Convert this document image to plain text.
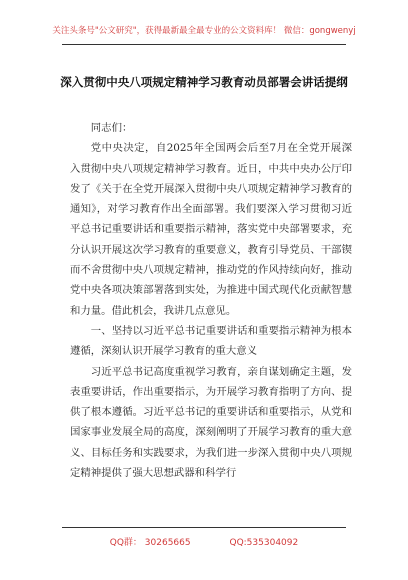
关注头条号"公文研究"，获得最新最全最专业的公文资料库！ 微信：gongwenyj
深入贯彻中央八项规定精神学习教育动员部署会讲话提纲

同志们：

党中央决定，自2025年全国两会后至7月在全党开展深入贯彻中央八项规定精神学习教育。近日，中共中央办公厅印发了《关于在全党开展深入贯彻中央八项规定精神学习教育的通知》，对学习教育作出全面部署。我们要深入学习贯彻习近平总书记重要讲话和重要指示精神，落实党中央部署要求，充分认识开展这次学习教育的重要意义，教育引导党员、干部锲而不舍贯彻中央八项规定精神，推动党的作风持续向好，推动党中央各项决策部署落到实处，为推进中国式现代化贡献智慧和力量。借此机会，我讲几点意见。

一、坚持以习近平总书记重要讲话和重要指示精神为根本遵循，深刻认识开展学习教育的重大意义

习近平总书记高度重视学习教育，亲自谋划确定主题，发表重要讲话，作出重要指示，为开展学习教育指明了方向、提供了根本遵循。习近平总书记的重要讲话和重要指示，从党和国家事业发展全局的高度，深刻阐明了开展学习教育的重大意义、目标任务和实践要求，为我们进一步深入贯彻中央八项规定精神提供了强大思想武器和科学行

QQ群： 30265665	QQ:535304092
